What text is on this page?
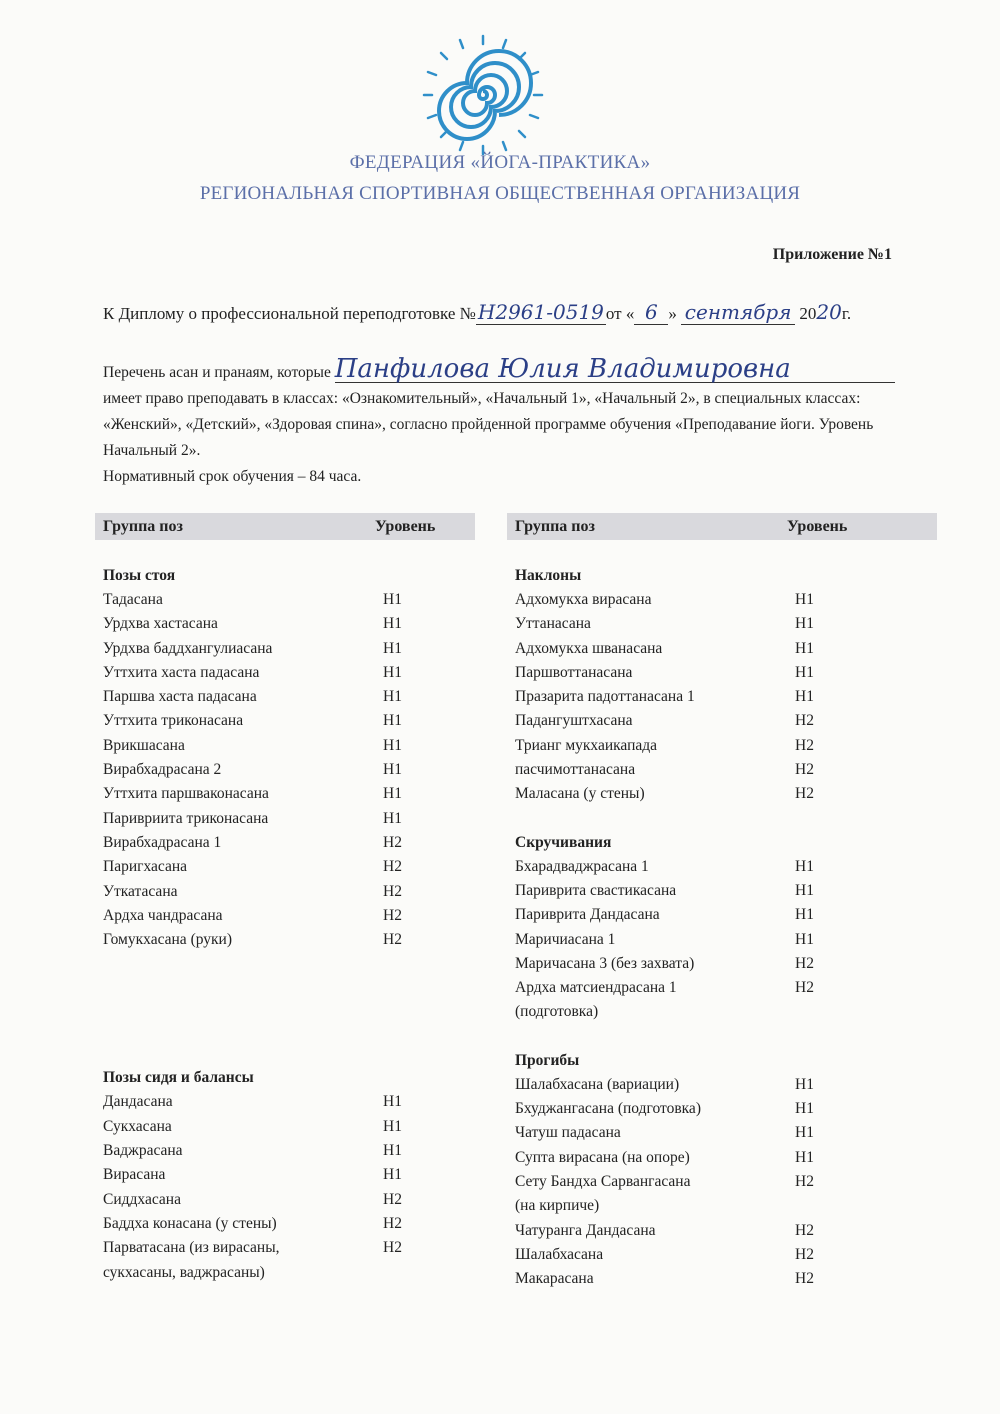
ФЕДЕРАЦИЯ «ЙОГА-ПРАКТИКА»
РЕГИОНАЛЬНАЯ СПОРТИВНАЯ ОБЩЕСТВЕННАЯ ОРГАНИЗАЦИЯ
Приложение №1
К Диплому о профессиональной переподготовке № Н2961-0519 от « 6 » сентября 2020г.

Перечень асан и пранаям, которые Панфилова Юлия Владимировна

имеет право преподавать в классах: «Ознакомительный», «Начальный 1», «Начальный 2», в специальных классах: «Женский», «Детский», «Здоровая спина», согласно пройденной программе обучения «Преподавание йоги. Уровень Начальный 2».

Нормативный срок обучения – 84 часа.

Группа поз	Уровень
Позы стоя
Тадасана	Н1
Урдхва хастасана	Н1
Урдхва баддхангулиасана	Н1
Уттхита хаста падасана	Н1
Паршва хаста падасана	Н1
Уттхита триконасана	Н1
Врикшасана	Н1
Вирабхадрасана 2	Н1
Уттхита паршваконасана	Н1
Паривриита триконасана	Н1
Вирабхадрасана 1	Н2
Паригхасана	Н2
Уткатасана	Н2
Ардха чандрасана	Н2
Гомукхасана (руки)	Н2
Позы сидя и балансы
Дандасана	Н1
Сукхасана	Н1
Ваджрасана	Н1
Вирасана	Н1
Сиддхасана	Н2
Баддха конасана (у стены)	Н2
Парватасана (из вирасаны,	Н2
сукхасаны, ваджрасаны)
Группа поз	Уровень
Наклоны
Адхомукха вирасана	Н1
Уттанасана	Н1
Адхомукха шванасана	Н1
Паршвоттанасана	Н1
Празарита падоттанасана 1	Н1
Падангуштхасана	Н2
Трианг мукхаикапада	Н2
пасчимоттанасана	Н2
Маласана (у стены)	Н2
Скручивания
Бхарадваджрасана 1	Н1
Паривритa свастикасана	Н1
Паривритa Дандасана	Н1
Маричиасана 1	Н1
Маричасана 3 (без захвата)	Н2
Ардха матсиендрасана 1	Н2
(подготовка)
Прогибы
Шалабхасана (вариации)	Н1
Бхуджангасана (подготовка)	Н1
Чатуш падасана	Н1
Супта вирасана (на опоре)	Н1
Сету Бандха Сарвангасана	Н2
(на кирпиче)
Чатуранга Дандасана	Н2
Шалабхасана	Н2
Макарасана	Н2
